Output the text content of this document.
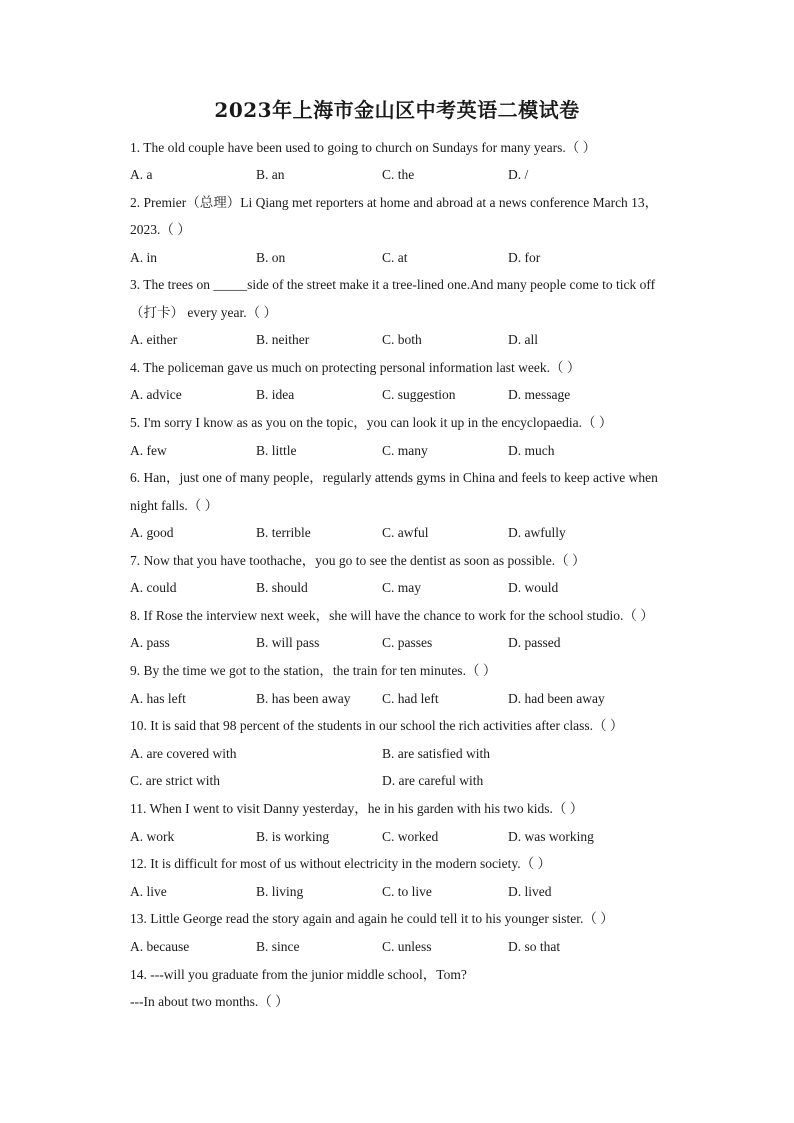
2023年上海市金山区中考英语二模试卷
1. The old couple have been used to going to church on Sundays for many years.（ ）
A. a	B. an	C. the	D. /
2. Premier（总理）Li Qiang met reporters at home and abroad at a news conference March 13，
2023.（ ）
A. in	B. on	C. at	D. for
3. The trees on _____side of the street make it a tree-lined one.And many people come to tick off
（打卡） every year.（ ）
A. either	B. neither	C. both	D. all
4. The policeman gave us much on protecting personal information last week.（ ）
A. advice	B. idea	C. suggestion	D. message
5. I'm sorry I know as as you on the topic，you can look it up in the encyclopaedia.（ ）
A. few	B. little	C. many	D. much
6. Han，just one of many people，regularly attends gyms in China and feels to keep active when
night falls.（ ）
A. good	B. terrible	C. awful	D. awfully
7. Now that you have toothache，you go to see the dentist as soon as possible.（ ）
A. could	B. should	C. may	D. would
8. If Rose the interview next week，she will have the chance to work for the school studio.（ ）
A. pass	B. will pass	C. passes	D. passed
9. By the time we got to the station，the train for ten minutes.（ ）
A. has left	B. has been away C. had left	D. had been away
10. It is said that 98 percent of the students in our school the rich activities after class.（ ）
A. are covered with	B. are satisfied with
C. are strict with	D. are careful with
11. When I went to visit Danny yesterday，he in his garden with his two kids.（ ）
A. work	B. is working	C. worked	D. was working
12. It is difficult for most of us without electricity in the modern society.（ ）
A. live	B. living	C. to live	D. lived
13. Little George read the story again and again he could tell it to his younger sister.（ ）
A. because	B. since	C. unless	D. so that
14. ---will you graduate from the junior middle school，Tom?
---In about two months.（ ）
